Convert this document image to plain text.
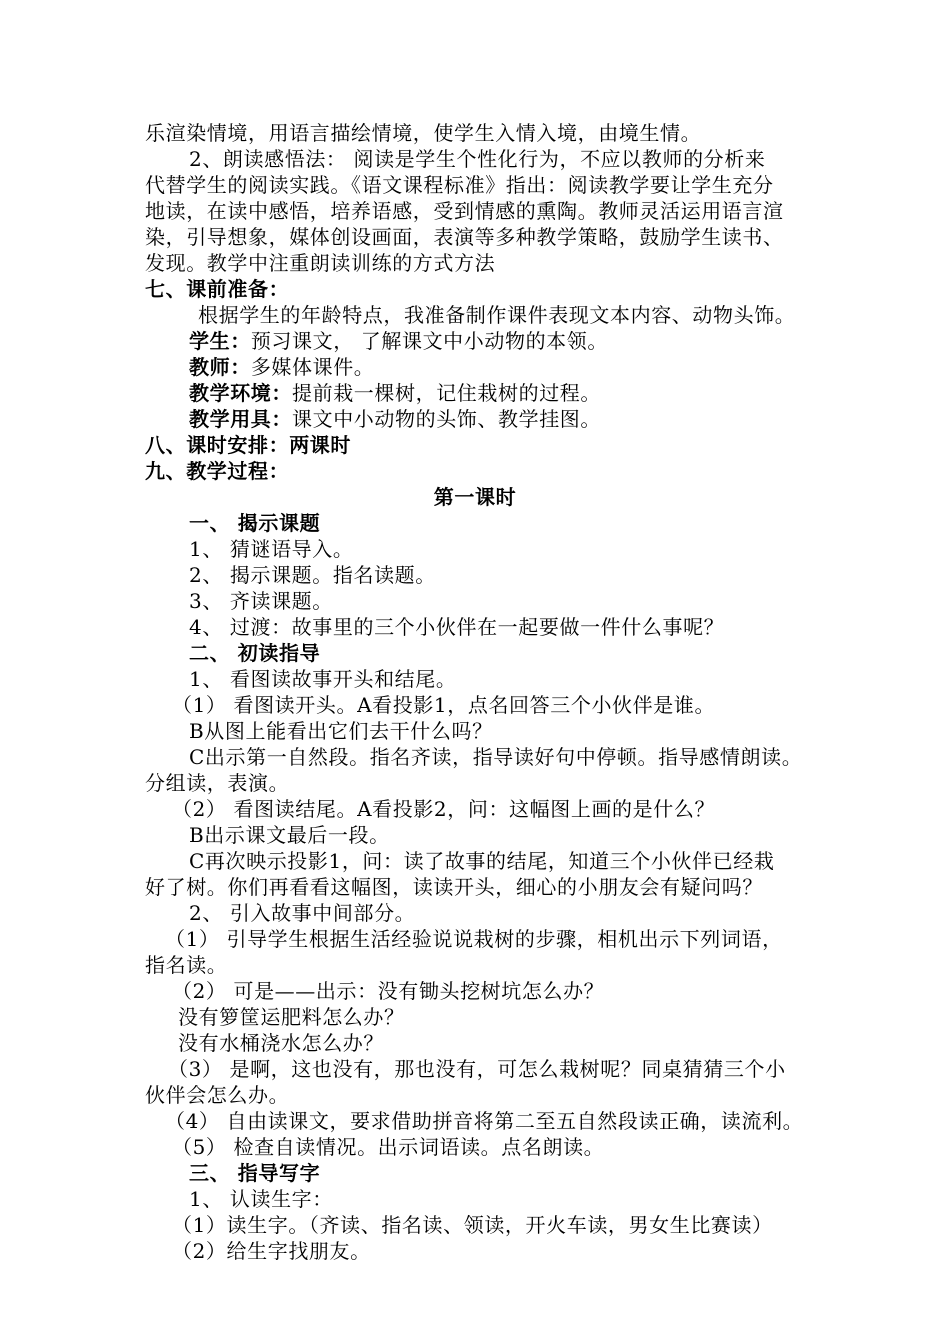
乐渲染情境，用语言描绘情境，使学生入情入境，由境生情。
2、朗读感悟法： 阅读是学生个性化行为，不应以教师的分析来
代替学生的阅读实践。《语文课程标准》指出：阅读教学要让学生充分
地读，在读中感悟，培养语感，受到情感的熏陶。教师灵活运用语言渲
染，引导想象，媒体创设画面，表演等多种教学策略，鼓励学生读书、
发现。教学中注重朗读训练的方式方法
七、课前准备：
根据学生的年龄特点，我准备制作课件表现文本内容、动物头饰。
学生：预习课文， 了解课文中小动物的本领。
教师：多媒体课件。
教学环境：提前栽一棵树，记住栽树的过程。
教学用具：课文中小动物的头饰、教学挂图。
八、课时安排：两课时
九、教学过程：
第一课时
一、 揭示课题
1、 猜谜语导入。
2、 揭示课题。指名读题。
3、 齐读课题。
4、 过渡：故事里的三个小伙伴在一起要做一件什么事呢？
二、 初读指导
1、 看图读故事开头和结尾。
（1） 看图读开头。A看投影1，点名回答三个小伙伴是谁。
B从图上能看出它们去干什么吗？
C出示第一自然段。指名齐读，指导读好句中停顿。指导感情朗读。
分组读，表演。
（2） 看图读结尾。A看投影2，问：这幅图上画的是什么？
B出示课文最后一段。
C再次映示投影1，问：读了故事的结尾，知道三个小伙伴已经栽
好了树。你们再看看这幅图，读读开头，细心的小朋友会有疑问吗？
2、 引入故事中间部分。
（1） 引导学生根据生活经验说说栽树的步骤，相机出示下列词语，
指名读。
（2） 可是——出示：没有锄头挖树坑怎么办？
没有箩筐运肥料怎么办？
没有水桶浇水怎么办？
（3） 是啊，这也没有，那也没有，可怎么栽树呢？同桌猜猜三个小
伙伴会怎么办。
（4） 自由读课文，要求借助拼音将第二至五自然段读正确，读流利。
（5） 检查自读情况。出示词语读。点名朗读。
三、 指导写字
1、 认读生字：
（1）读生字。（齐读、指名读、领读，开火车读，男女生比赛读）
（2）给生字找朋友。
